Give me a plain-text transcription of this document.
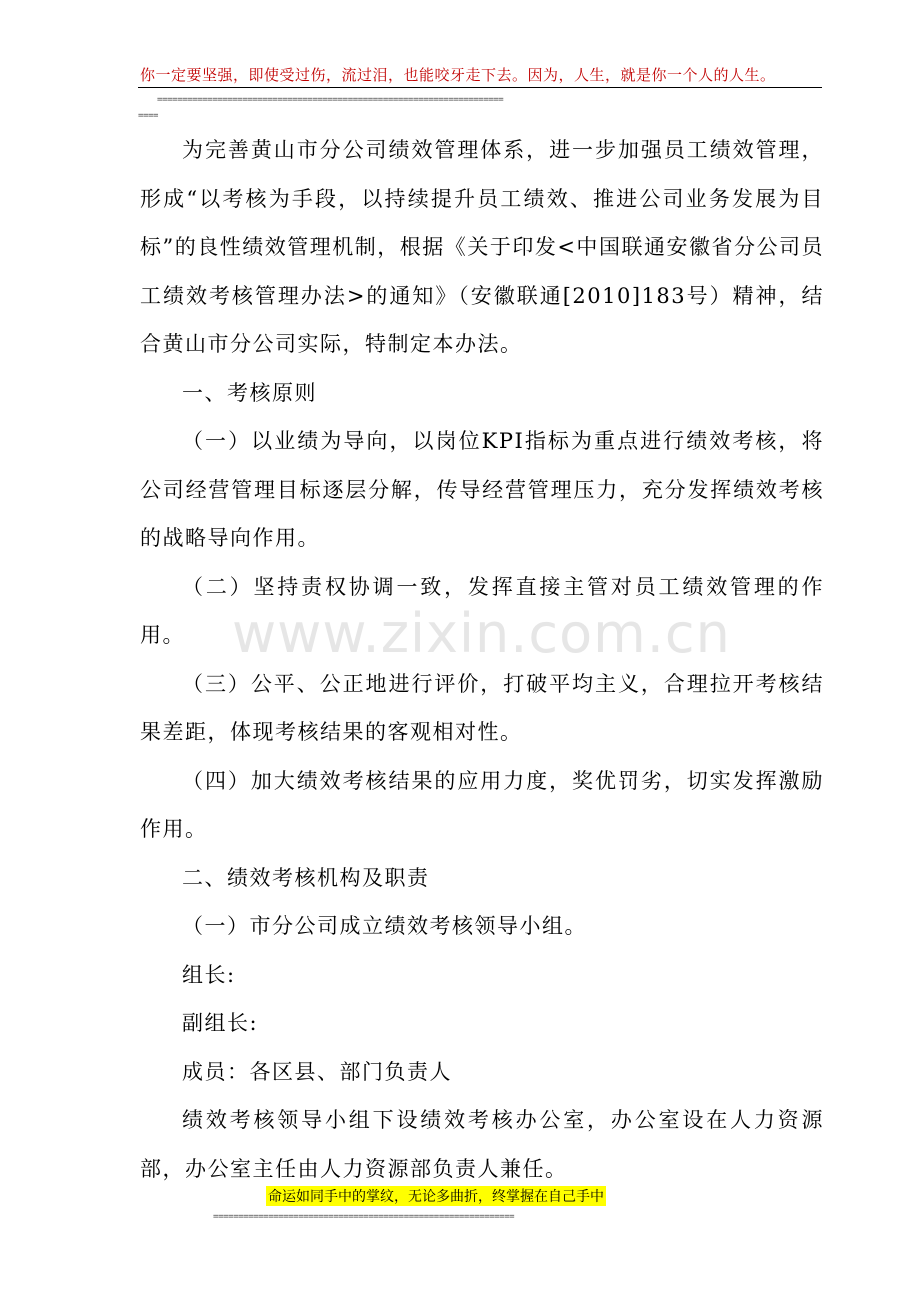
你一定要坚强，即使受过伤，流过泪，也能咬牙走下去。因为，人生，就是你一个人的人生。
=====================================================================
====
www.zixin.com.cn

为完善黄山市分公司绩效管理体系，进一步加强员工绩效管理，形成“以考核为手段，以持续提升员工绩效、推进公司业务发展为目标”的良性绩效管理机制，根据《关于印发<中国联通安徽省分公司员工绩效考核管理办法>的通知》（安徽联通[2010]183号）精神，结合黄山市分公司实际，特制定本办法。

一、考核原则

（一）以业绩为导向，以岗位KPI指标为重点进行绩效考核，将公司经营管理目标逐层分解，传导经营管理压力，充分发挥绩效考核的战略导向作用。

（二）坚持责权协调一致，发挥直接主管对员工绩效管理的作用。

（三）公平、公正地进行评价，打破平均主义，合理拉开考核结果差距，体现考核结果的客观相对性。

（四）加大绩效考核结果的应用力度，奖优罚劣，切实发挥激励作用。

二、绩效考核机构及职责

（一）市分公司成立绩效考核领导小组。

组长:

副组长:

成员：各区县、部门负责人

绩效考核领导小组下设绩效考核办公室，办公室设在人力资源部，办公室主任由人力资源部负责人兼任。

命运如同手中的掌纹，无论多曲折，终掌握在自己手中
============================================================
